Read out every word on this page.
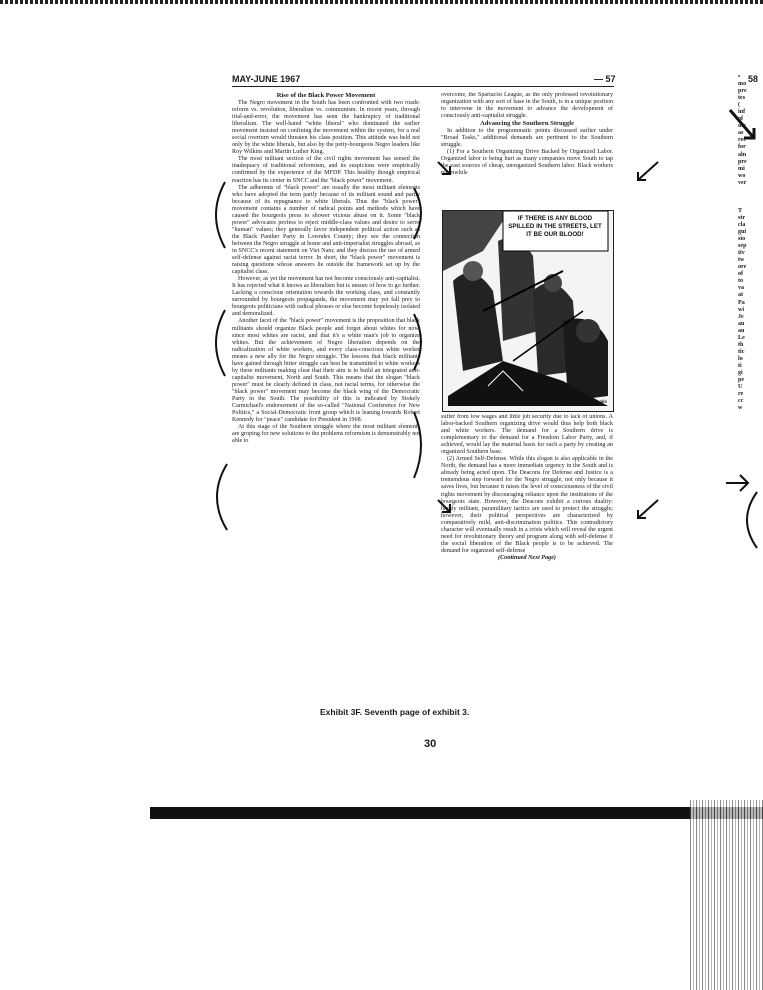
MAY-JUNE 1967	— 57	58

Rise of the Black Power Movement

The Negro movement in the South has been confronted with two roads: reform vs. revolution, liberalism vs. communism. In recent years, through trial-and-error, the movement has seen the bankruptcy of traditional liberalism. The well-hated "white liberal" who dominated the earlier movement insisted on confining the movement within the system, for a real social overturn would threaten his class position. This attitude was held not only by the white liberals, but also by the petty-bourgeois Negro leaders like Roy Wilkins and Martin Luther King.

The most militant section of the civil rights movement has sensed the inadequacy of traditional reformism, and its suspicions were empirically confirmed by the experience of the MFDP. This healthy though empirical reaction has its center in SNCC and the "black power" movement.

The adherents of "black power" are usually the most militant elements who have adopted the term partly because of its militant sound and partly because of its repugnance to white liberals. Thus the "black power" movement contains a number of radical points and methods which have caused the bourgeois press to shower vicious abuse on it. Some "black power" advocates profess to reject middle-class values and desire to serve "human" values; they generally favor independent political action such as the Black Panther Party in Lowndes County; they see the connection between the Negro struggle at home and anti-imperialist struggles abroad, as in SNCC's recent statement on Viet Nam; and they discuss the use of armed self-defense against racist terror. In short, the "black power" movement is raising questions whose answers lie outside the framework set up by the capitalist class.

However, as yet the movement has not become consciously anti-capitalist. It has rejected what it knows as liberalism but is unsure of how to go further. Lacking a conscious orientation towards the working class, and constantly surrounded by bourgeois propaganda, the movement may yet fall prey to bourgeois politicians with radical phrases or else become hopelessly isolated and demoralized.

Another facet of the "black power" movement is the proposition that black militants should organize Black people and forget about whites for now, since most whites are racist, and that it's a white man's job to organize whites. But the achievement of Negro liberation depends on the radicalization of white workers, and every class-conscious white worker means a new ally for the Negro struggle. The lessons that black militants have gained through bitter struggle can best be transmitted to white workers by these militants making clear that their aim is to build an integrated anti-capitalist movement, North and South. This means that the slogan "black power" must be clearly defined in class, not racial terms, for otherwise the "black power" movement may become the black wing of the Democratic Party in the South. The possibility of this is indicated by Stokely Carmichael's endorsement of the so-called "National Conference for New Politics," a Social-Democratic front group which is leaning towards Robert Kennedy for "peace" candidate for President in 1968.

At this stage of the Southern struggle where the most militant elements are groping for new solutions to the problems reformism is demonstrably not able to

overcome, the Spartacist League, as the only professed revolutionary organization with any sort of base in the South, is in a unique position to intervene in the movement to advance the development of consciously anti-capitalist struggle.

Advancing the Southern Struggle

In addition to the programmatic points discussed earlier under "Broad Tasks," additional demands are pertinent to the Southern struggle.

(1) For a Southern Organizing Drive Backed by Organized Labor. Organized labor is being hurt as many companies move South to tap the vast sources of cheap, unorganized Southern labor. Black workers meanwhile

IF THERE IS ANY BLOOD SPILLED IN THE STREETS, LET IT BE OUR BLOOD!
Muhammad Speaks

suffer from low wages and little job security due to lack of unions. A labor-backed Southern organizing drive would thus help both black and white workers. The demand for a Southern drive is complementary to the demand for a Freedom Labor Party, and, if achieved, would lay the material basis for such a party by creating an organized Southern base.

(2) Armed Self-Defense. While this slogan is also applicable in the North, the demand has a more immediate urgency in the South and is already being acted upon. The Deacons for Defense and Justice is a tremendous step forward for the Negro struggle, not only because it saves lives, but because it raises the level of consciousness of the civil rights movement by discouraging reliance upon the institutions of the bourgeois state. However, the Deacons exhibit a curious duality: highly militant, paramilitary tactics are used to protect the struggle; however, their political perspectives are characterized by comparatively mild, anti-discrimination politics. This contradictory character will eventually result in a crisis which will reveal the urgent need for revolutionary theory and program along with self-defense if the social liberation of the Black people is to be achieved. The demand for organized self-defense

(Continued Next Page)

•
mo
pre
tes
(
inf
of
dir
as
rec
for
aln
pre
mi
wo
ver

T
str
cla
gui
sio
sep
tiv
tw
ore
of
to
va
at
Pa
wi
Je
au
au
Le
th
tic
lo
ti
gi
pe
U
re
cc
w
Exhibit 3F. Seventh page of exhibit 3.
30
